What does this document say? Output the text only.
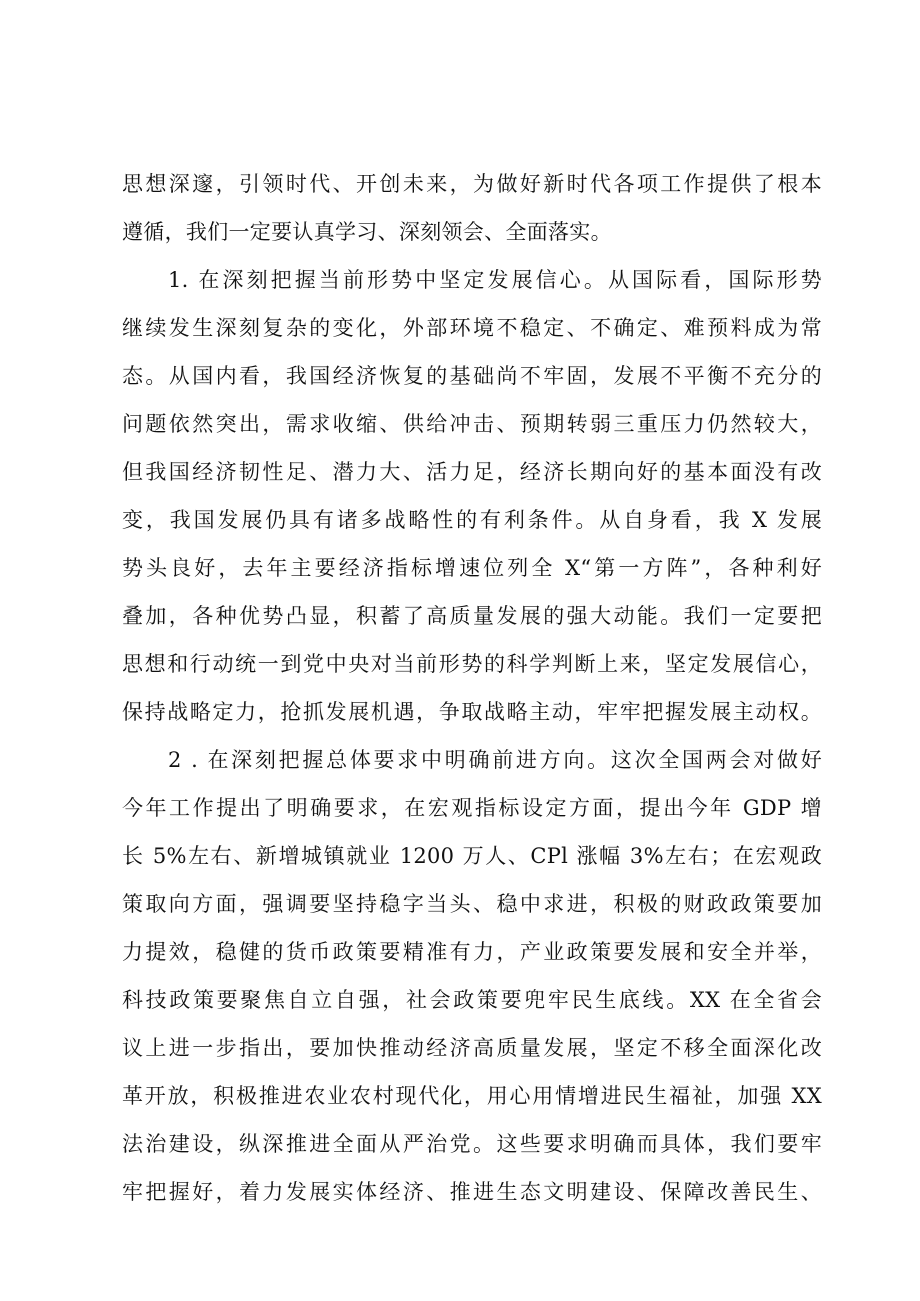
思想深邃，引领时代、开创未来，为做好新时代各项工作提供了根本
遵循，我们一定要认真学习、深刻领会、全面落实。
1. 在深刻把握当前形势中坚定发展信心。从国际看，国际形势
继续发生深刻复杂的变化，外部环境不稳定、不确定、难预料成为常
态。从国内看，我国经济恢复的基础尚不牢固，发展不平衡不充分的
问题依然突出，需求收缩、供给冲击、预期转弱三重压力仍然较大，
但我国经济韧性足、潜力大、活力足，经济长期向好的基本面没有改
变，我国发展仍具有诸多战略性的有利条件。从自身看，我 X 发展
势头良好，去年主要经济指标增速位列全 X“第一方阵”，各种利好
叠加，各种优势凸显，积蓄了高质量发展的强大动能。我们一定要把
思想和行动统一到党中央对当前形势的科学判断上来，坚定发展信心，
保持战略定力，抢抓发展机遇，争取战略主动，牢牢把握发展主动权。
2 . 在深刻把握总体要求中明确前进方向。这次全国两会对做好
今年工作提出了明确要求，在宏观指标设定方面，提出今年 GDP 增
长 5%左右、新增城镇就业 1200 万人、CPl 涨幅 3%左右；在宏观政
策取向方面，强调要坚持稳字当头、稳中求进，积极的财政政策要加
力提效，稳健的货币政策要精准有力，产业政策要发展和安全并举，
科技政策要聚焦自立自强，社会政策要兜牢民生底线。XX 在全省会
议上进一步指出，要加快推动经济高质量发展，坚定不移全面深化改
革开放，积极推进农业农村现代化，用心用情增进民生福祉，加强 XX
法治建设，纵深推进全面从严治党。这些要求明确而具体，我们要牢
牢把握好，着力发展实体经济、推进生态文明建设、保障改善民生、
